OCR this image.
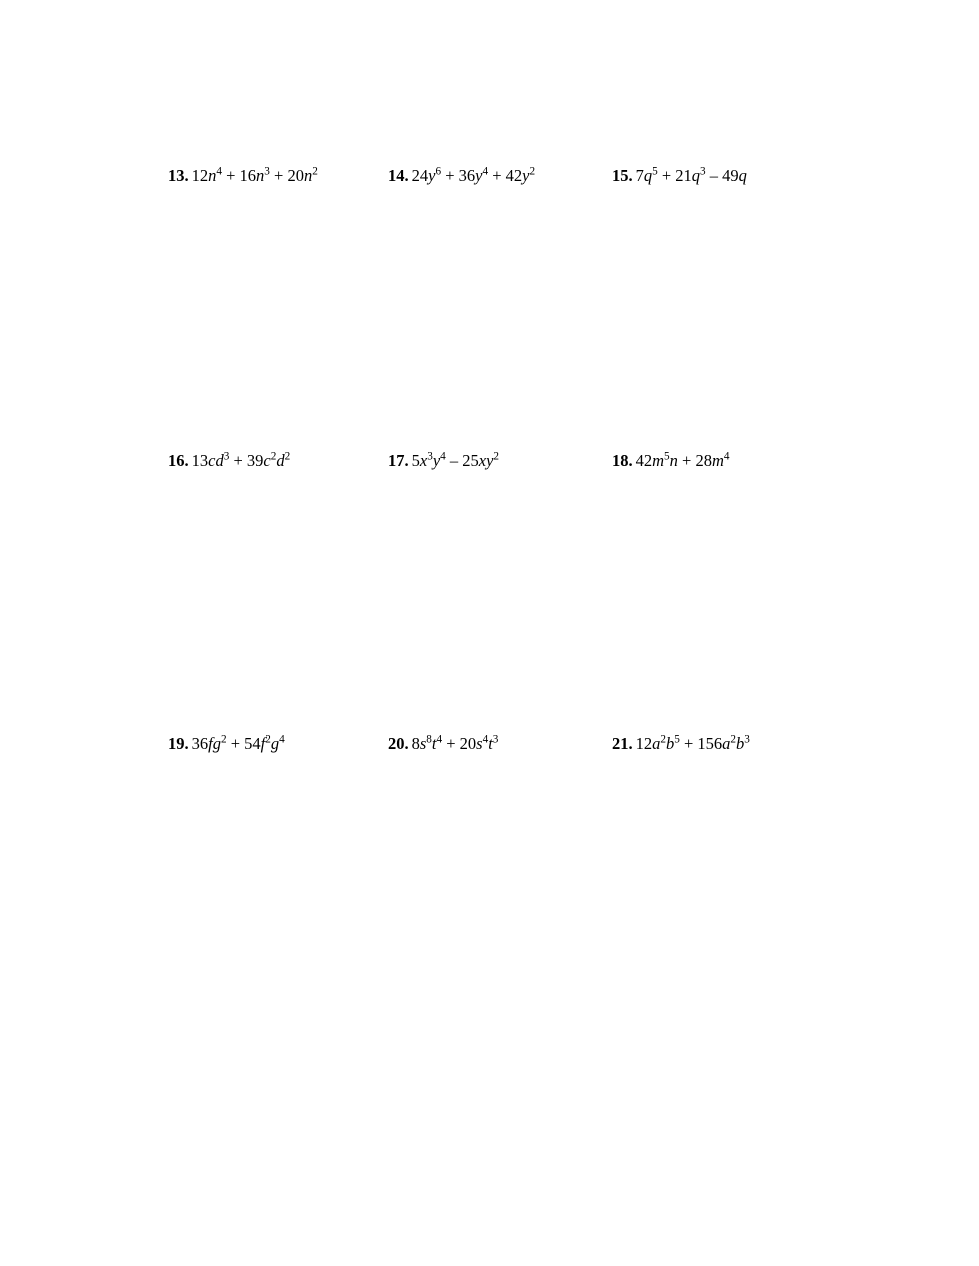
13. $12n^4 + 16n^3 + 20n^2$	14. $24y^6 + 36y^4 + 42y^2$	15. $7q^5 + 21q^3 - 49q$
16. $13cd^3 + 39c^2d^2$	17. $5x^3y^4 - 25xy^2$	18. $42m^5n + 28m^4$
19. $36fg^2 + 54f^2g^4$	20. $8s^8t^4 + 20s^4t^3$	21. $12a^2b^5 + 156a^2b^3$
